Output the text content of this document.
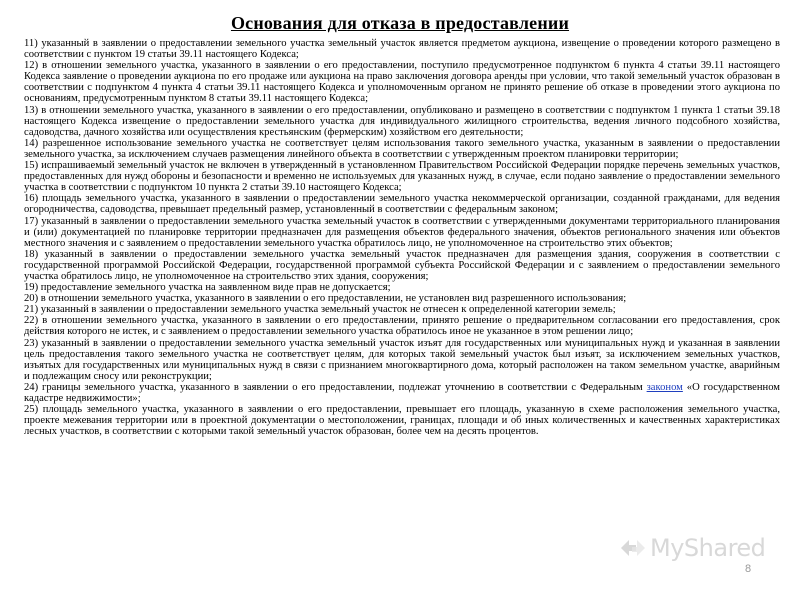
Основания для отказа в предоставлении

11) указанный в заявлении о предоставлении земельного участка земельный участок является предметом аукциона, извещение о проведении которого размещено в соответствии с пунктом 19 статьи 39.11 настоящего Кодекса;

12) в отношении земельного участка, указанного в заявлении о его предоставлении, поступило предусмотренное подпунктом 6 пункта 4 статьи 39.11 настоящего Кодекса заявление о проведении аукциона по его продаже или аукциона на право заключения договора аренды при условии, что такой земельный участок образован в соответствии с подпунктом 4 пункта 4 статьи 39.11 настоящего Кодекса и уполномоченным органом не принято решение об отказе в проведении этого аукциона по основаниям, предусмотренным пунктом 8 статьи 39.11 настоящего Кодекса;

13) в отношении земельного участка, указанного в заявлении о его предоставлении, опубликовано и размещено в соответствии с подпунктом 1 пункта 1 статьи 39.18 настоящего Кодекса извещение о предоставлении земельного участка для индивидуального жилищного строительства, ведения личного подсобного хозяйства, садоводства, дачного хозяйства или осуществления крестьянским (фермерским) хозяйством его деятельности;

14) разрешенное использование земельного участка не соответствует целям использования такого земельного участка, указанным в заявлении о предоставлении земельного участка, за исключением случаев размещения линейного объекта в соответствии с утвержденным проектом планировки территории;

15) испрашиваемый земельный участок не включен в утвержденный в установленном Правительством Российской Федерации порядке перечень земельных участков, предоставленных для нужд обороны и безопасности и временно не используемых для указанных нужд, в случае, если подано заявление о предоставлении земельного участка в соответствии с подпунктом 10 пункта 2 статьи 39.10 настоящего Кодекса;

16) площадь земельного участка, указанного в заявлении о предоставлении земельного участка некоммерческой организации, созданной гражданами, для ведения огородничества, садоводства, превышает предельный размер, установленный в соответствии с федеральным законом;

17) указанный в заявлении о предоставлении земельного участка земельный участок в соответствии с утвержденными документами территориального планирования и (или) документацией по планировке территории предназначен для размещения объектов федерального значения, объектов регионального значения или объектов местного значения и с заявлением о предоставлении земельного участка обратилось лицо, не уполномоченное на строительство этих объектов;

18) указанный в заявлении о предоставлении земельного участка земельный участок предназначен для размещения здания, сооружения в соответствии с государственной программой Российской Федерации, государственной программой субъекта Российской Федерации и с заявлением о предоставлении земельного участка обратилось лицо, не уполномоченное на строительство этих здания, сооружения;

19) предоставление земельного участка на заявленном виде прав не допускается;

20) в отношении земельного участка, указанного в заявлении о его предоставлении, не установлен вид разрешенного использования;

21) указанный в заявлении о предоставлении земельного участка земельный участок не отнесен к определенной категории земель;

22) в отношении земельного участка, указанного в заявлении о его предоставлении, принято решение о предварительном согласовании его предоставления, срок действия которого не истек, и с заявлением о предоставлении земельного участка обратилось иное не указанное в этом решении лицо;

23) указанный в заявлении о предоставлении земельного участка земельный участок изъят для государственных или муниципальных нужд и указанная в заявлении цель предоставления такого земельного участка не соответствует целям, для которых такой земельный участок был изъят, за исключением земельных участков, изъятых для государственных или муниципальных нужд в связи с признанием многоквартирного дома, который расположен на таком земельном участке, аварийным и подлежащим сносу или реконструкции;

24) границы земельного участка, указанного в заявлении о его предоставлении, подлежат уточнению в соответствии с Федеральным законом «О государственном кадастре недвижимости»;

25) площадь земельного участка, указанного в заявлении о его предоставлении, превышает его площадь, указанную в схеме расположения земельного участка, проекте межевания территории или в проектной документации о местоположении, границах, площади и об иных количественных и качественных характеристиках лесных участков, в соответствии с которыми такой земельный участок образован, более чем на десять процентов.

My Shared
8
